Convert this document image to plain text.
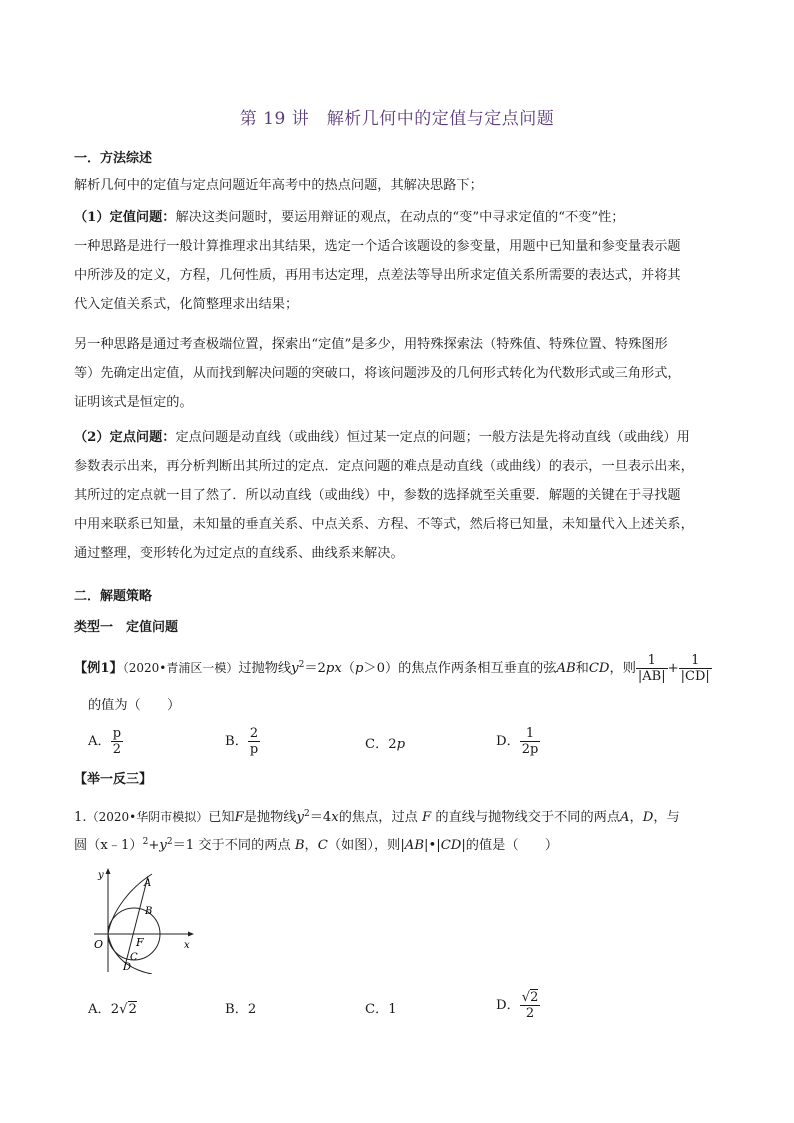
第 19 讲　解析几何中的定值与定点问题
一．方法综述
解析几何中的定值与定点问题近年高考中的热点问题，其解决思路下；
（1）定值问题：解决这类问题时，要运用辩证的观点，在动点的“变”中寻求定值的“不变”性；
一种思路是进行一般计算推理求出其结果，选定一个适合该题设的参变量，用题中已知量和参变量表示题
中所涉及的定义，方程，几何性质，再用韦达定理，点差法等导出所求定值关系所需要的表达式，并将其
代入定值关系式，化简整理求出结果；
另一种思路是通过考查极端位置，探索出“定值”是多少，用特殊探索法（特殊值、特殊位置、特殊图形
等）先确定出定值，从而找到解决问题的突破口，将该问题涉及的几何形式转化为代数形式或三角形式，
证明该式是恒定的。
（2）定点问题：定点问题是动直线（或曲线）恒过某一定点的问题；一般方法是先将动直线（或曲线）用
参数表示出来，再分析判断出其所过的定点．定点问题的难点是动直线（或曲线）的表示，一旦表示出来，
其所过的定点就一目了然了．所以动直线（或曲线）中，参数的选择就至关重要．解题的关键在于寻找题
中用来联系已知量，未知量的垂直关系、中点关系、方程、不等式，然后将已知量，未知量代入上述关系，
通过整理，变形转化为过定点的直线系、曲线系来解决。
二．解题策略
类型一　定值问题
【例1】（2020•青浦区一模）过抛物线$y^2=2px(p>0)$的焦点作两条相互垂直的弦AB和CD，则 $\frac{1}{|AB|} + \frac{1}{|CD|}$
的值为（　　）
A． $\frac{p}{2}$	B． $\frac{2}{p}$	C．2p	D． $\frac{1}{2p}$
【举一反三】
1.（2020•华阴市模拟）已知F是抛物线$y^2=4x$的焦点，过点 F 的直线与抛物线交于不同的两点A，D，与
圆$(x﹣1)^2+y^2=1$ 交于不同的两点 B，C（如图），则|AB|•|CD|的值是（　　）
y
x
O	F
A
B
C
D
A．2√2	B．2	C．1	D． $\frac{√2}{2}$
